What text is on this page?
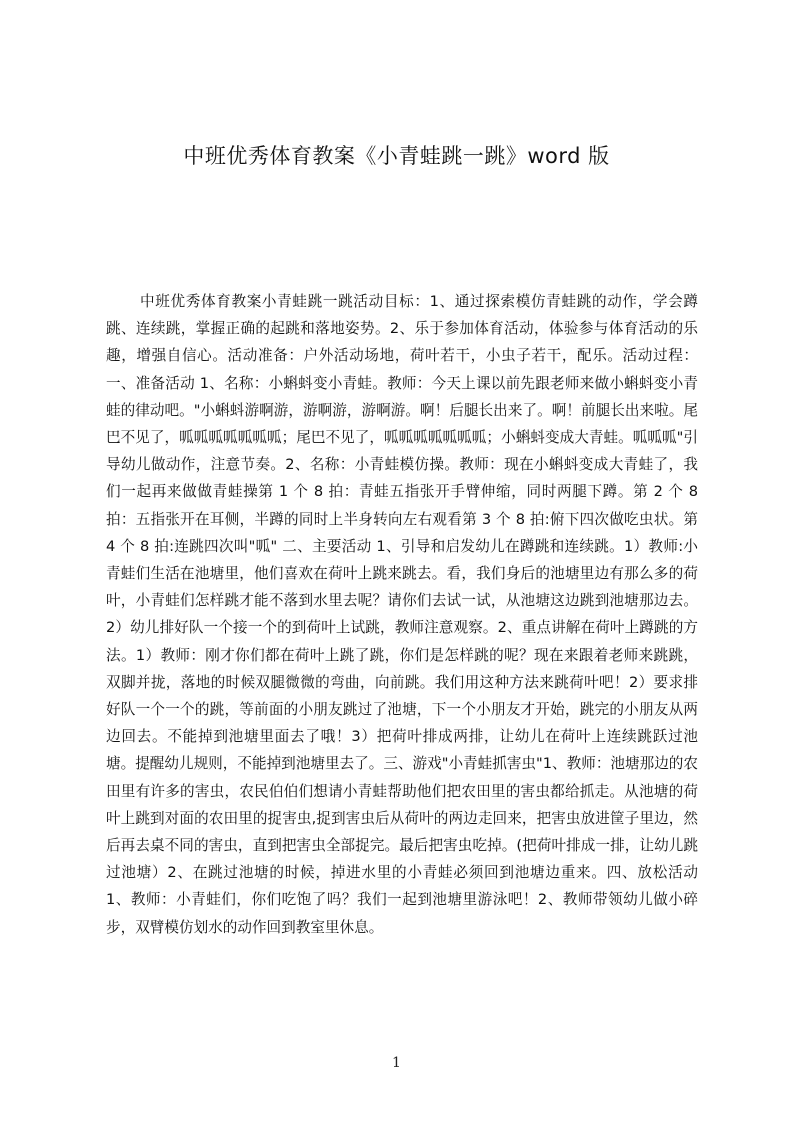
中班优秀体育教案《小青蛙跳一跳》word 版

中班优秀体育教案小青蛙跳一跳活动目标：1、通过探索模仿青蛙跳的动作，学会蹲跳、连续跳，掌握正确的起跳和落地姿势。2、乐于参加体育活动，体验参与体育活动的乐趣，增强自信心。活动准备：户外活动场地，荷叶若干，小虫子若干，配乐。活动过程：一、准备活动 1、名称：小蝌蚪变小青蛙。教师：今天上课以前先跟老师来做小蝌蚪变小青蛙的律动吧。"小蝌蚪游啊游，游啊游，游啊游。啊！后腿长出来了。啊！前腿长出来啦。尾巴不见了，呱呱呱呱呱呱呱；尾巴不见了，呱呱呱呱呱呱呱；小蝌蚪变成大青蛙。呱呱呱"引导幼儿做动作，注意节奏。2、名称：小青蛙模仿操。教师：现在小蝌蚪变成大青蛙了，我们一起再来做做青蛙操第 1 个 8 拍：青蛙五指张开手臂伸缩，同时两腿下蹲。第 2 个 8 拍：五指张开在耳侧，半蹲的同时上半身转向左右观看第 3 个 8 拍:俯下四次做吃虫状。第 4 个 8 拍:连跳四次叫"呱" 二、主要活动 1、引导和启发幼儿在蹲跳和连续跳。1）教师:小青蛙们生活在池塘里，他们喜欢在荷叶上跳来跳去。看，我们身后的池塘里边有那么多的荷叶，小青蛙们怎样跳才能不落到水里去呢？请你们去试一试，从池塘这边跳到池塘那边去。2）幼儿排好队一个接一个的到荷叶上试跳，教师注意观察。2、重点讲解在荷叶上蹲跳的方法。1）教师：刚才你们都在荷叶上跳了跳，你们是怎样跳的呢？现在来跟着老师来跳跳，双脚并拢，落地的时候双腿微微的弯曲，向前跳。我们用这种方法来跳荷叶吧！2）要求排好队一个一个的跳，等前面的小朋友跳过了池塘，下一个小朋友才开始，跳完的小朋友从两边回去。不能掉到池塘里面去了哦！3）把荷叶排成两排，让幼儿在荷叶上连续跳跃过池塘。提醒幼儿规则，不能掉到池塘里去了。三、游戏"小青蛙抓害虫"1、教师：池塘那边的农田里有许多的害虫，农民伯伯们想请小青蛙帮助他们把农田里的害虫都给抓走。从池塘的荷叶上跳到对面的农田里的捉害虫,捉到害虫后从荷叶的两边走回来，把害虫放进筐子里边，然后再去桌不同的害虫，直到把害虫全部捉完。最后把害虫吃掉。(把荷叶排成一排，让幼儿跳过池塘）2、在跳过池塘的时候，掉进水里的小青蛙必须回到池塘边重来。四、放松活动 1、教师：小青蛙们，你们吃饱了吗？我们一起到池塘里游泳吧！2、教师带领幼儿做小碎步，双臂模仿划水的动作回到教室里休息。

1
